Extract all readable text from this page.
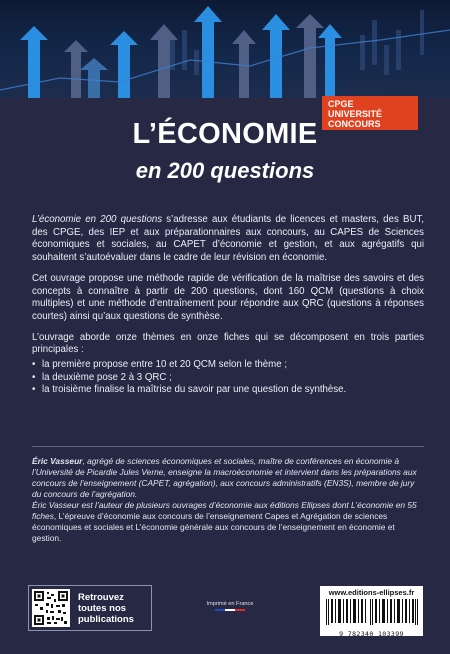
CPGE
UNIVERSITÉ
CONCOURS
L’ÉCONOMIE
en 200 questions

L’économie en 200 questions s’adresse aux étudiants de licences et masters, des BUT, des CPGE, des IEP et aux préparationnaires aux concours, au CAPES de Sciences économiques et sociales, au CAPET d’économie et gestion, et aux agrégatifs qui souhaitent s’autoévaluer dans le cadre de leur révision en économie.

Cet ouvrage propose une méthode rapide de vérification de la maîtrise des savoirs et des concepts à connaître à partir de 200 questions, dont 160 QCM (questions à choix multiples) et une méthode d’entraînement pour répondre aux QRC (questions à réponses courtes) ainsi qu’aux questions de synthèse.

L’ouvrage aborde onze thèmes en onze fiches qui se décomposent en trois parties principales :

• la première propose entre 10 et 20 QCM selon le thème ;
• la deuxième pose 2 à 3 QRC ;
• la troisième finalise la maîtrise du savoir par une question de synthèse.

Éric Vasseur, agrégé de sciences économiques et sociales, maître de conférences en économie à l’Université de Picardie Jules Verne, enseigne la macroéconomie et intervient dans les préparations aux concours de l’enseignement (CAPET, agrégation), aux concours administratifs (EN3S), membre de jury du concours de l’agrégation.

Éric Vasseur est l’auteur de plusieurs ouvrages d’économie aux éditions Ellipses dont L’économie en 55 fiches, L’épreuve d’économie aux concours de l’enseignement Capes et Agrégation de sciences économiques et sociales et L’économie générale aux concours de l’enseignement en économie et gestion.

Retrouvez
toutes nos
publications
Imprimé en France
www.editions-ellipses.fr
9 782340 103399
